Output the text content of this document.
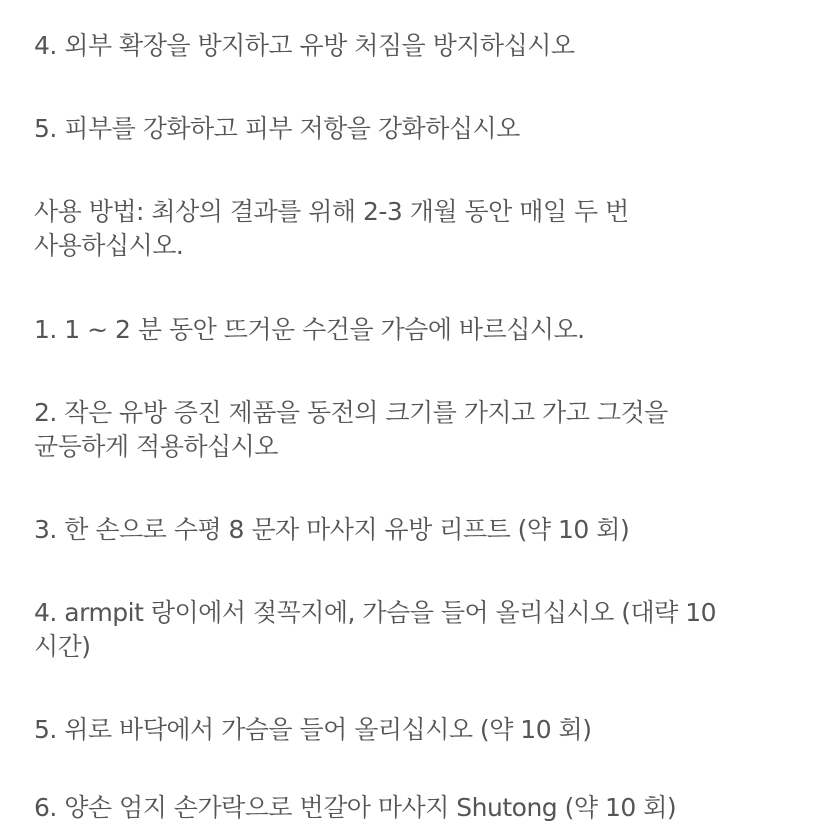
4. 외부 확장을 방지하고 유방 처짐을 방지하십시오

5. 피부를 강화하고 피부 저항을 강화하십시오

사용 방법: 최상의 결과를 위해 2-3 개월 동안 매일 두 번
사용하십시오.

1. 1 ~ 2 분 동안 뜨거운 수건을 가슴에 바르십시오.

2. 작은 유방 증진 제품을 동전의 크기를 가지고 가고 그것을
균등하게 적용하십시오

3. 한 손으로 수평 8 문자 마사지 유방 리프트 (약 10 회)

4. armpit 랑이에서 젖꼭지에, 가슴을 들어 올리십시오 (대략 10
시간)

5. 위로 바닥에서 가슴을 들어 올리십시오 (약 10 회)

6. 양손 엄지 손가락으로 번갈아 마사지 Shutong (약 10 회)
